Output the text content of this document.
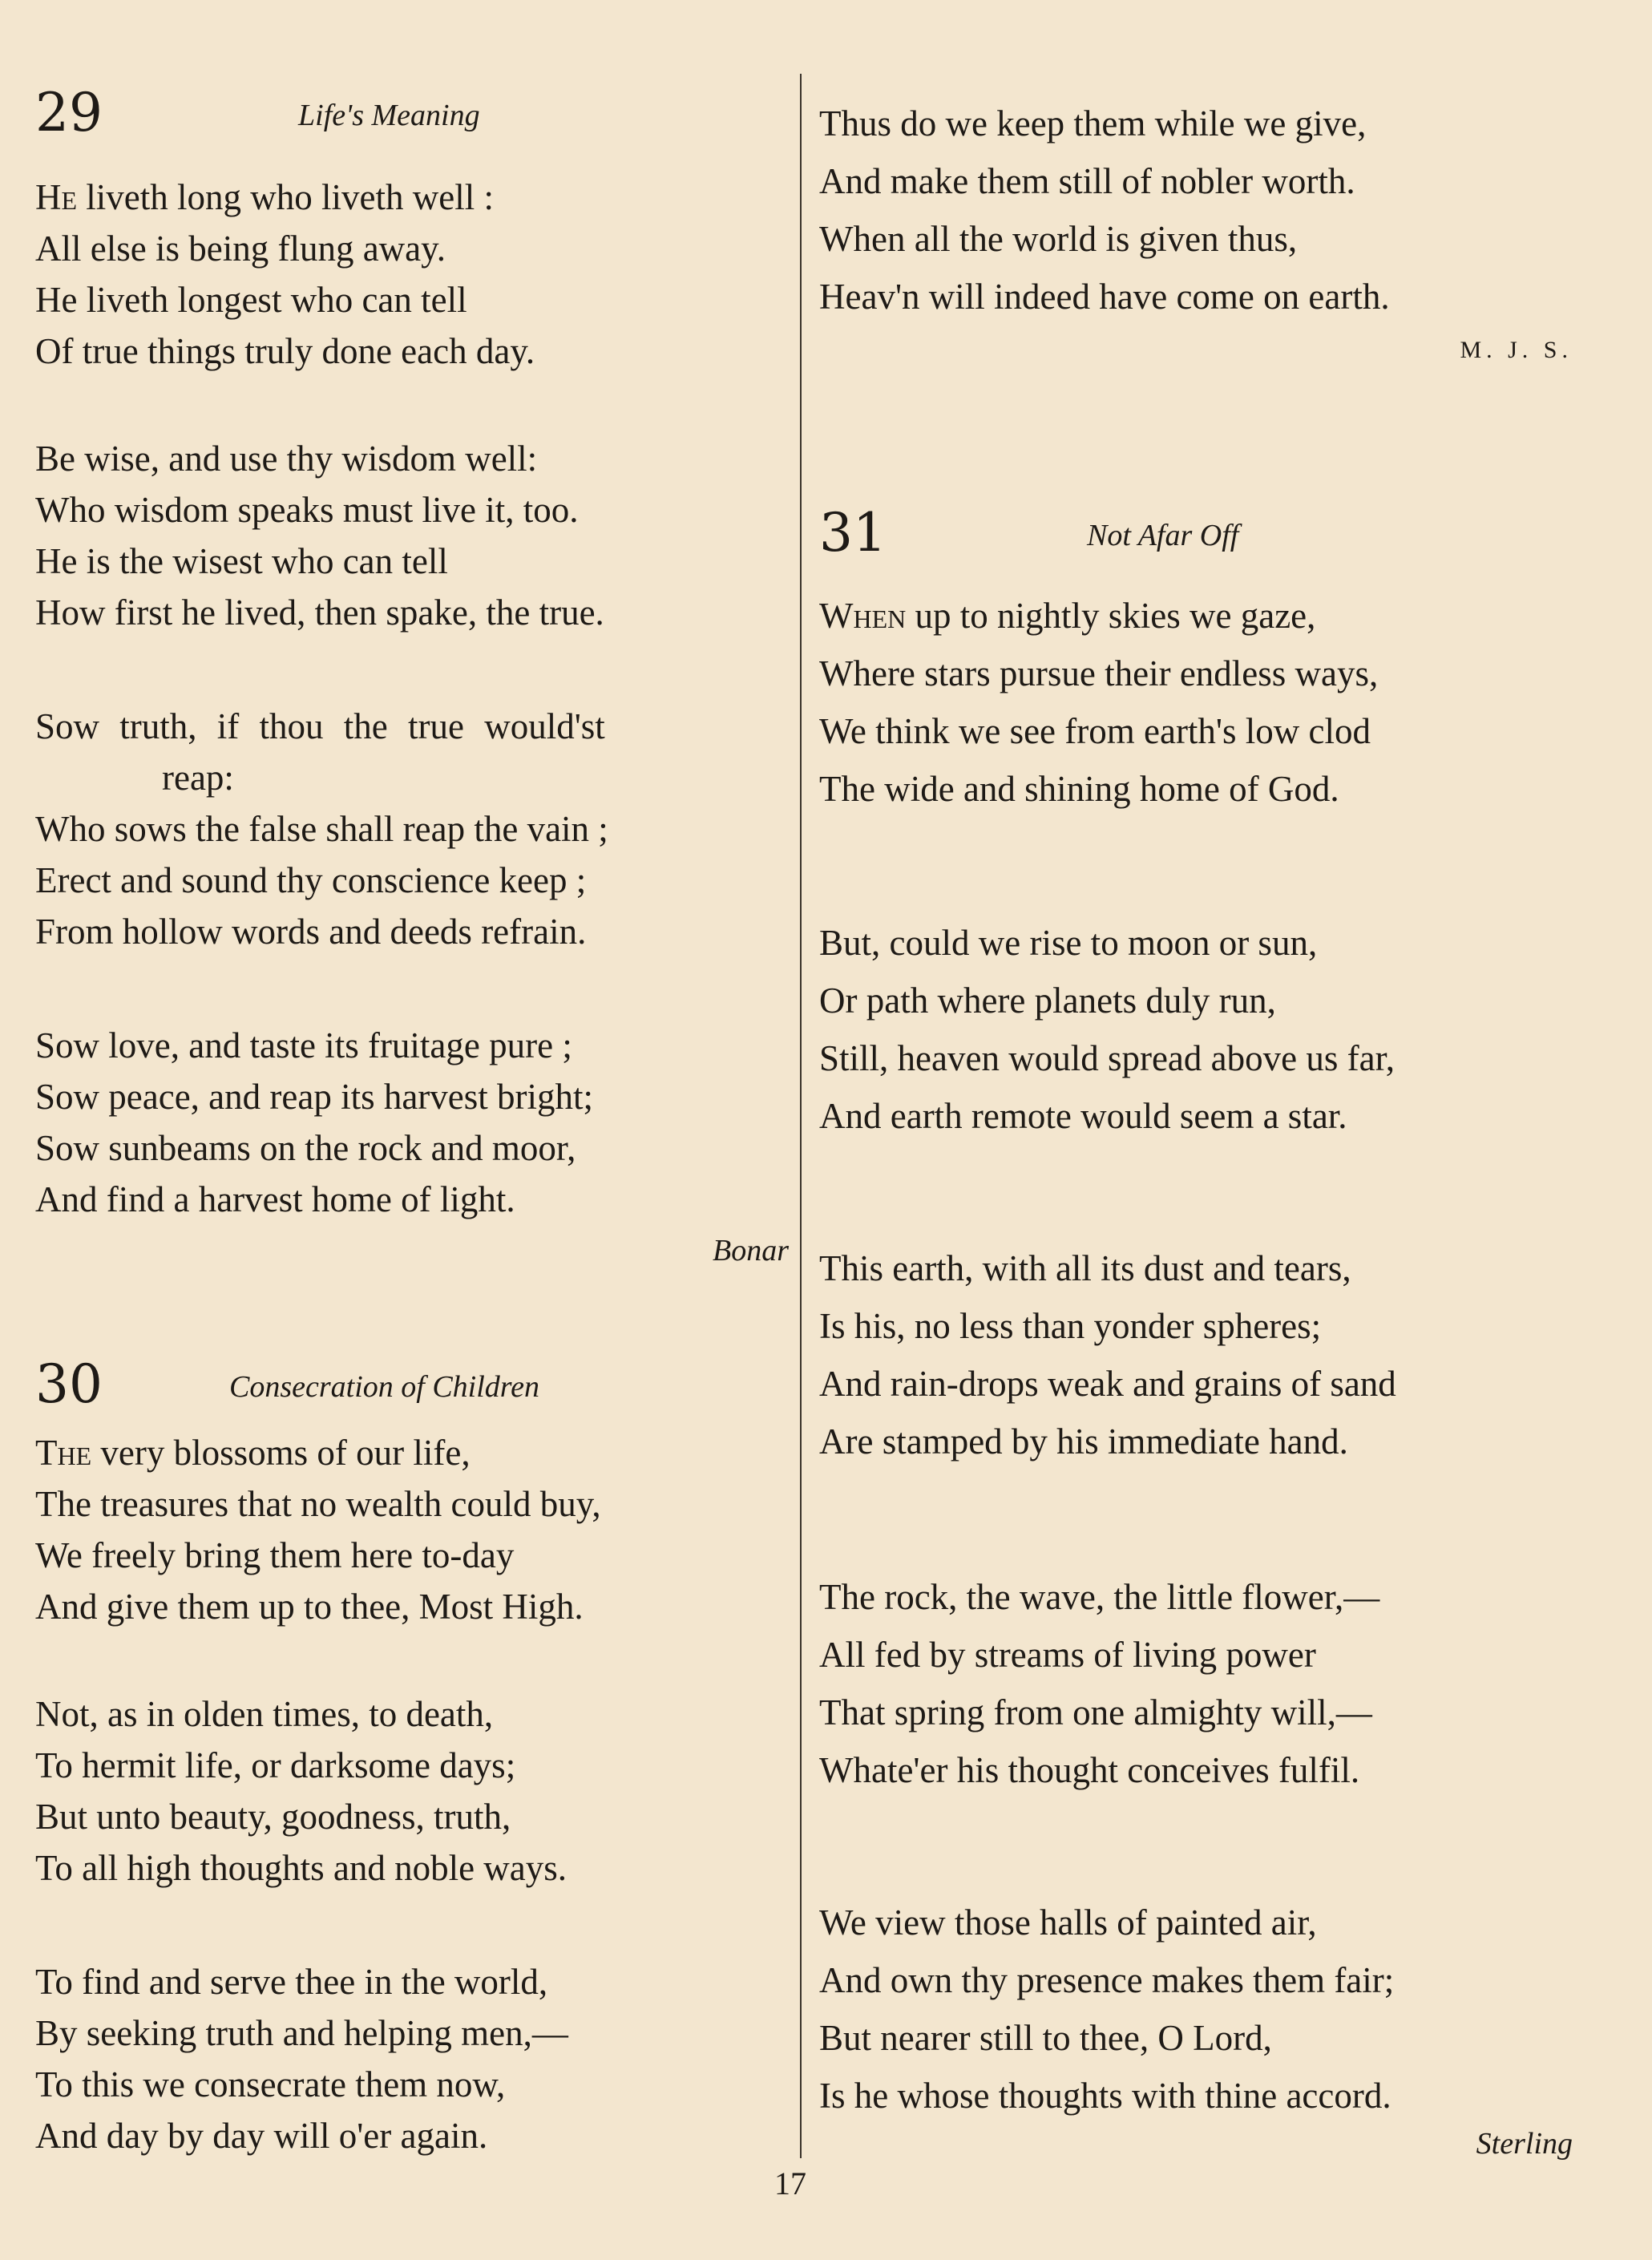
29	Life's Meaning
He liveth long who liveth well :
All else is being flung away.
He liveth longest who can tell
Of true things truly done each day.
Be wise, and use thy wisdom well:
Who wisdom speaks must live it, too.
He is the wisest who can tell
How first he lived, then spake, the true.
Sow truth, if thou the true would'st
reap:
Who sows the false shall reap the vain ;
Erect and sound thy conscience keep ;
From hollow words and deeds refrain.
Sow love, and taste its fruitage pure ;
Sow peace, and reap its harvest bright;
Sow sunbeams on the rock and moor,
And find a harvest home of light.
Bonar
30	Consecration of Children
The very blossoms of our life,
The treasures that no wealth could buy,
We freely bring them here to-day
And give them up to thee, Most High.
Not, as in olden times, to death,
To hermit life, or darksome days;
But unto beauty, goodness, truth,
To all high thoughts and noble ways.
To find and serve thee in the world,
By seeking truth and helping men,—
To this we consecrate them now,
And day by day will o'er again.
Thus do we keep them while we give,
And make them still of nobler worth.
When all the world is given thus,
Heav'n will indeed have come on earth.
M. J. S.
31	Not Afar Off
When up to nightly skies we gaze,
Where stars pursue their endless ways,
We think we see from earth's low clod
The wide and shining home of God.
But, could we rise to moon or sun,
Or path where planets duly run,
Still, heaven would spread above us far,
And earth remote would seem a star.
This earth, with all its dust and tears,
Is his, no less than yonder spheres;
And rain-drops weak and grains of sand
Are stamped by his immediate hand.
The rock, the wave, the little flower,—
All fed by streams of living power
That spring from one almighty will,—
Whate'er his thought conceives fulfil.
We view those halls of painted air,
And own thy presence makes them fair;
But nearer still to thee, O Lord,
Is he whose thoughts with thine accord.
Sterling
17
